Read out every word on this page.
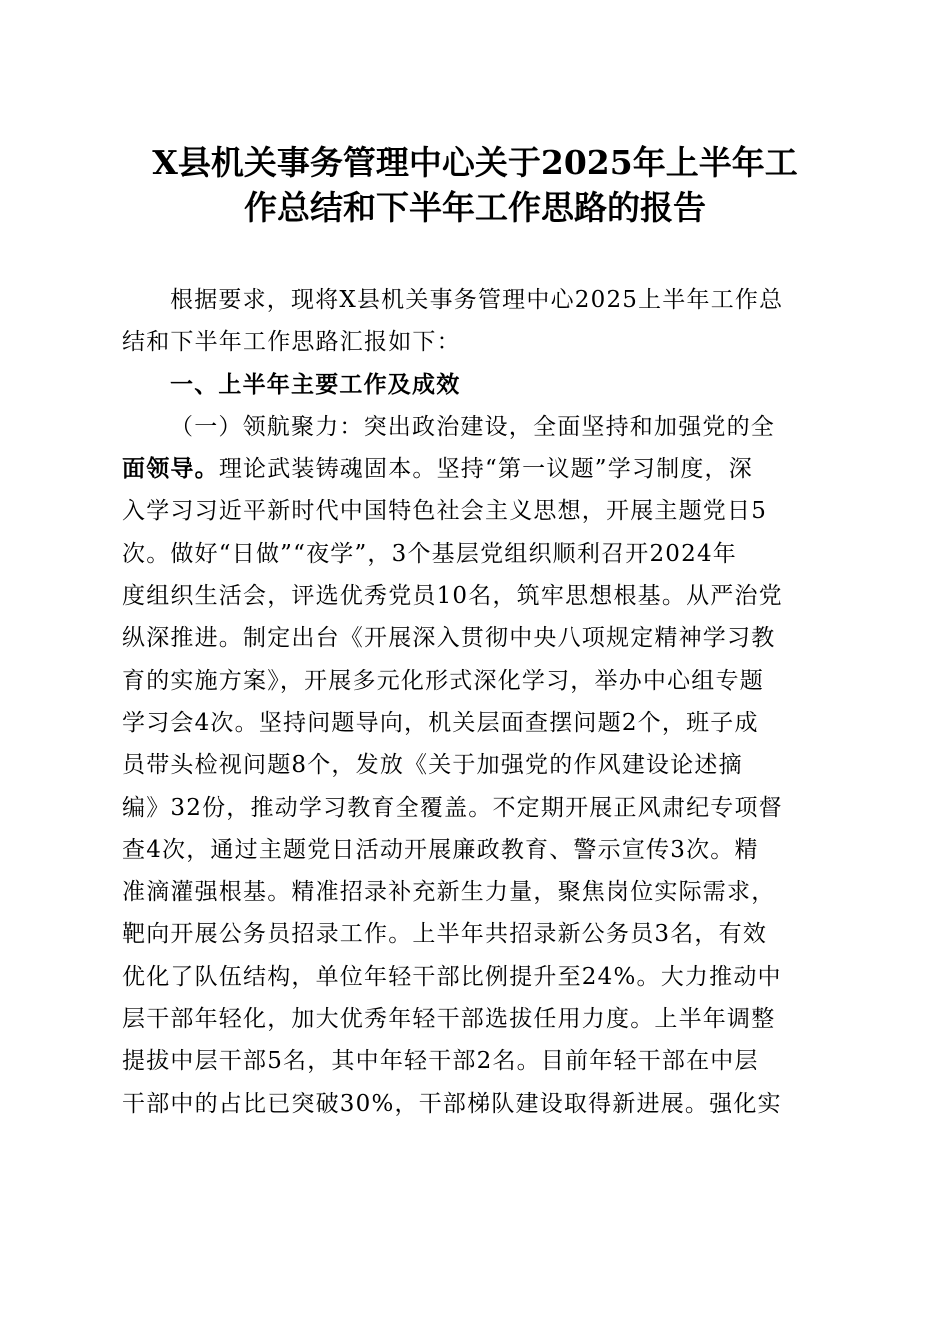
X县机关事务管理中心关于2025年上半年工
作总结和下半年工作思路的报告
根据要求，现将X县机关事务管理中心2025上半年工作总
结和下半年工作思路汇报如下：
一、上半年主要工作及成效
（一）领航聚力：突出政治建设，全面坚持和加强党的全
面领导。理论武装铸魂固本。坚持“第一议题”学习制度，深
入学习习近平新时代中国特色社会主义思想，开展主题党日5
次。做好“日做”“夜学”，3个基层党组织顺利召开2024年
度组织生活会，评选优秀党员10名，筑牢思想根基。从严治党
纵深推进。制定出台《开展深入贯彻中央八项规定精神学习教
育的实施方案》，开展多元化形式深化学习，举办中心组专题
学习会4次。坚持问题导向，机关层面查摆问题2个，班子成
员带头检视问题8个，发放《关于加强党的作风建设论述摘
编》32份，推动学习教育全覆盖。不定期开展正风肃纪专项督
查4次，通过主题党日活动开展廉政教育、警示宣传3次。精
准滴灌强根基。精准招录补充新生力量，聚焦岗位实际需求，
靶向开展公务员招录工作。上半年共招录新公务员3名，有效
优化了队伍结构，单位年轻干部比例提升至24%。大力推动中
层干部年轻化，加大优秀年轻干部选拔任用力度。上半年调整
提拔中层干部5名，其中年轻干部2名。目前年轻干部在中层
干部中的占比已突破30%，干部梯队建设取得新进展。强化实
